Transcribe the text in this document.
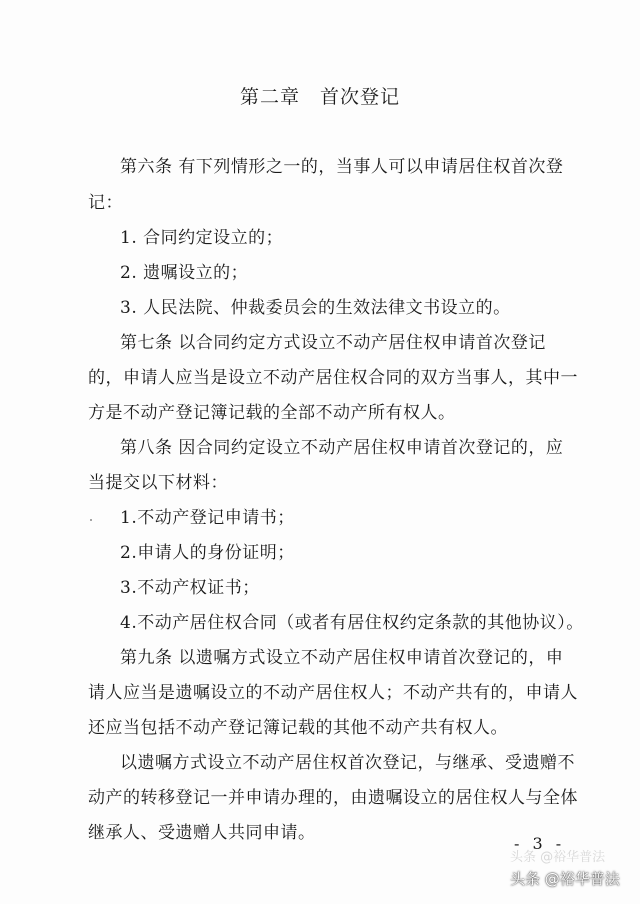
第二章　首次登记
第六条 有下列情形之一的，当事人可以申请居住权首次登
记：
1. 合同约定设立的；
2. 遗嘱设立的；
3. 人民法院、仲裁委员会的生效法律文书设立的。
第七条 以合同约定方式设立不动产居住权申请首次登记
的，申请人应当是设立不动产居住权合同的双方当事人，其中一
方是不动产登记簿记载的全部不动产所有权人。
第八条 因合同约定设立不动产居住权申请首次登记的，应
当提交以下材料：
1.不动产登记申请书；
2.申请人的身份证明；
3.不动产权证书；
4.不动产居住权合同（或者有居住权约定条款的其他协议）。
第九条 以遗嘱方式设立不动产居住权申请首次登记的，申
请人应当是遗嘱设立的不动产居住权人；不动产共有的，申请人
还应当包括不动产登记簿记载的其他不动产共有权人。
以遗嘱方式设立不动产居住权首次登记，与继承、受遗赠不
动产的转移登记一并申请办理的，由遗嘱设立的居住权人与全体
继承人、受遗赠人共同申请。
- 3 -
头条 @裕华普法
头条 @裕华普法
